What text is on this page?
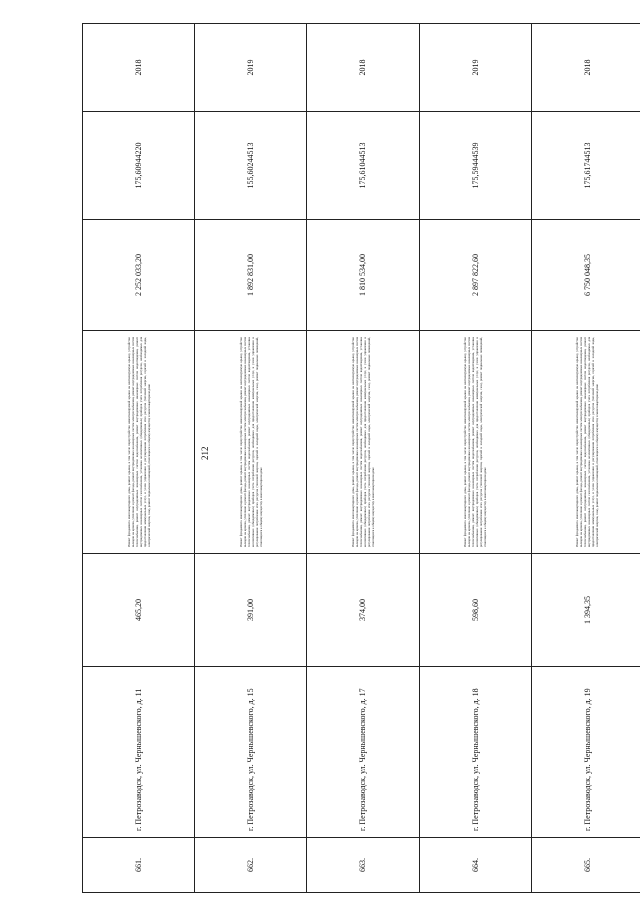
212
661.	г. Петрозаводск, ул. Чернышевского, д. 11	465,20	Ремонт фундамента многоквартирного дома, ремонт крыши, в том числе переустройство невентилируемой крыши на вентилируемую крышу, устройство выходов на кровлю, утепление и ремонт фасада, ремонт внутридомовых инженерных систем электроснабжения, ремонт внутридомовых инженерных систем теплоснабжения, ремонт внутридомовых инженерных систем водоснабжения, ремонт внутридомовых инженерных систем водоотведения, ремонт внутридомовых инженерных систем газоснабжения, установка коллективных (общедомовых) приборов учета потребления ресурсов, необходимых для предоставления коммунальных услуг, и узлов управления и регулирования потребления этих ресурсов (тепловой энергии, горячей и холодной воды, электрической энергии, газа), ремонт подвальных помещений, относящихся к общему имуществу в многоквартирном доме	2 252 033,20	175,60944220	2018
662.	г. Петрозаводск, ул. Чернышевского, д. 15	391,00	Ремонт фундамента многоквартирного дома, ремонт крыши, в том числе переустройство невентилируемой крыши на вентилируемую крышу, устройство выходов на кровлю, утепление и ремонт фасада, ремонт внутридомовых инженерных систем электроснабжения, ремонт внутридомовых инженерных систем теплоснабжения, ремонт внутридомовых инженерных систем водоснабжения, ремонт внутридомовых инженерных систем водоотведения, установка коллективных (общедомовых) приборов учета потребления ресурсов, необходимых для предоставления коммунальных услуг, и узлов управления и регулирования потребления этих ресурсов (тепловой энергии, горячей и холодной воды, электрической энергии, газа), ремонт подвальных помещений, относящихся к общему имуществу в многоквартирном доме	1 892 831,00	155,60244513	2019
663.	г. Петрозаводск, ул. Чернышевского, д. 17	374,00	Ремонт фундамента многоквартирного дома, ремонт крыши, в том числе переустройство невентилируемой крыши на вентилируемую крышу, устройство выходов на кровлю, утепление и ремонт фасада, ремонт внутридомовых инженерных систем электроснабжения, ремонт внутридомовых инженерных систем теплоснабжения, ремонт внутридомовых инженерных систем водоснабжения, ремонт внутридомовых инженерных систем водоотведения, установка коллективных (общедомовых) приборов учета потребления ресурсов, необходимых для предоставления коммунальных услуг, и узлов управления и регулирования потребления этих ресурсов (тепловой энергии, горячей и холодной воды, электрической энергии, газа), ремонт подвальных помещений, относящихся к общему имуществу в многоквартирном доме	1 810 534,00	175,61044513	2018
664.	г. Петрозаводск, ул. Чернышевского, д. 18	598,60	Ремонт фундамента многоквартирного дома, ремонт крыши, в том числе переустройство невентилируемой крыши на вентилируемую крышу, устройство выходов на кровлю, утепление и ремонт фасада, ремонт внутридомовых инженерных систем электроснабжения, ремонт внутридомовых инженерных систем теплоснабжения, ремонт внутридомовых инженерных систем водоснабжения, ремонт внутридомовых инженерных систем водоотведения, установка коллективных (общедомовых) приборов учета потребления ресурсов, необходимых для предоставления коммунальных услуг, и узлов управления и регулирования потребления этих ресурсов (тепловой энергии, горячей и холодной воды, электрической энергии, газа), ремонт подвальных помещений, относящихся к общему имуществу в многоквартирном доме	2 897 822,60	175,59444539	2019
665.	г. Петрозаводск, ул. Чернышевского, д. 19	1 394,35	Ремонт фундамента многоквартирного дома, ремонт крыши, в том числе переустройство невентилируемой крыши на вентилируемую крышу, устройство выходов на кровлю, утепление и ремонт фасада, ремонт внутридомовых инженерных систем электроснабжения, ремонт внутридомовых инженерных систем теплоснабжения, ремонт внутридомовых инженерных систем водоснабжения, ремонт внутридомовых инженерных систем водоотведения, ремонт внутридомовых инженерных систем газоснабжения, установка коллективных (общедомовых) приборов учета потребления ресурсов, необходимых для предоставления коммунальных услуг, и узлов управления и регулирования потребления этих ресурсов (тепловой энергии, горячей и холодной воды, электрической энергии, газа), ремонт подвальных помещений, относящихся к общему имуществу в многоквартирном доме	6 750 048,35	175,61744513	2018
